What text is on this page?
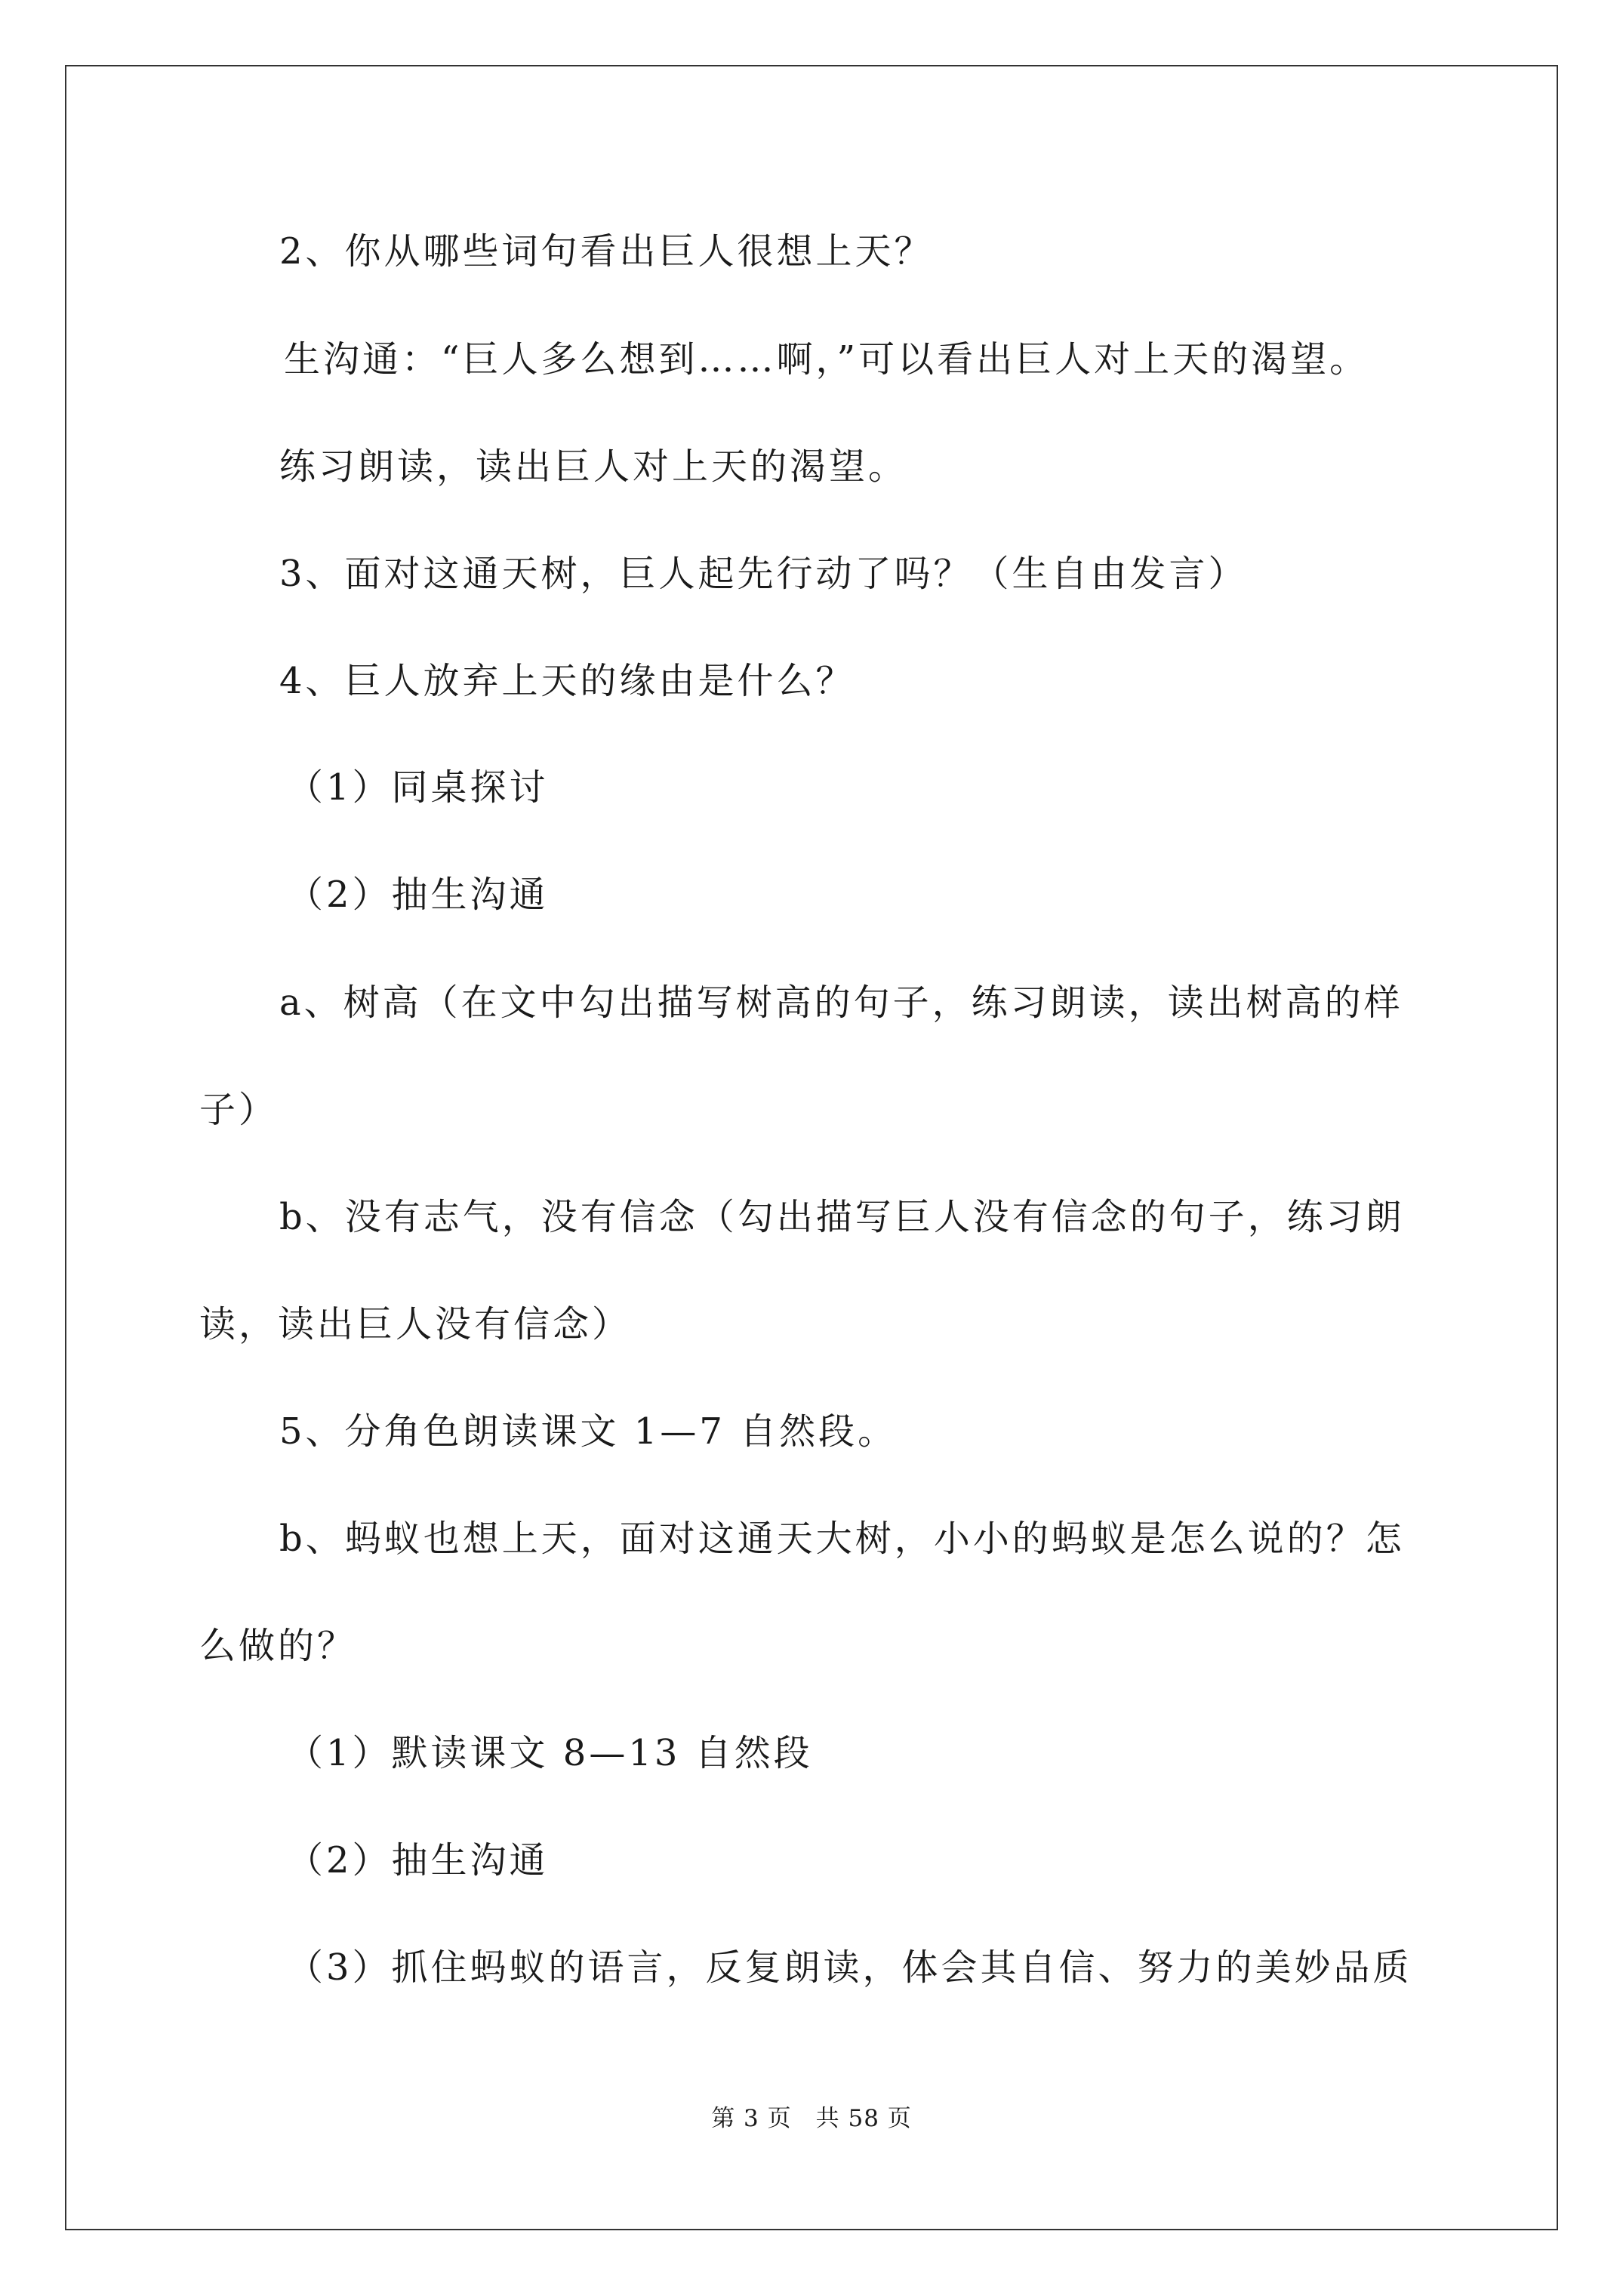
2、你从哪些词句看出巨人很想上天？
生沟通：“巨人多么想到……啊，”可以看出巨人对上天的渴望。
练习朗读，读出巨人对上天的渴望。
3、面对这通天树，巨人起先行动了吗？（生自由发言）
4、巨人放弃上天的缘由是什么？
（1）同桌探讨
（2）抽生沟通
a、树高（在文中勾出描写树高的句子，练习朗读，读出树高的样
子）
b、没有志气，没有信念（勾出描写巨人没有信念的句子，练习朗
读，读出巨人没有信念）
5、分角色朗读课文 1—7 自然段。
b、蚂蚁也想上天，面对这通天大树，小小的蚂蚁是怎么说的？怎
么做的？
（1）默读课文 8—13 自然段
（2）抽生沟通
（3）抓住蚂蚁的语言，反复朗读，体会其自信、努力的美妙品质
第 3 页　共 58 页
